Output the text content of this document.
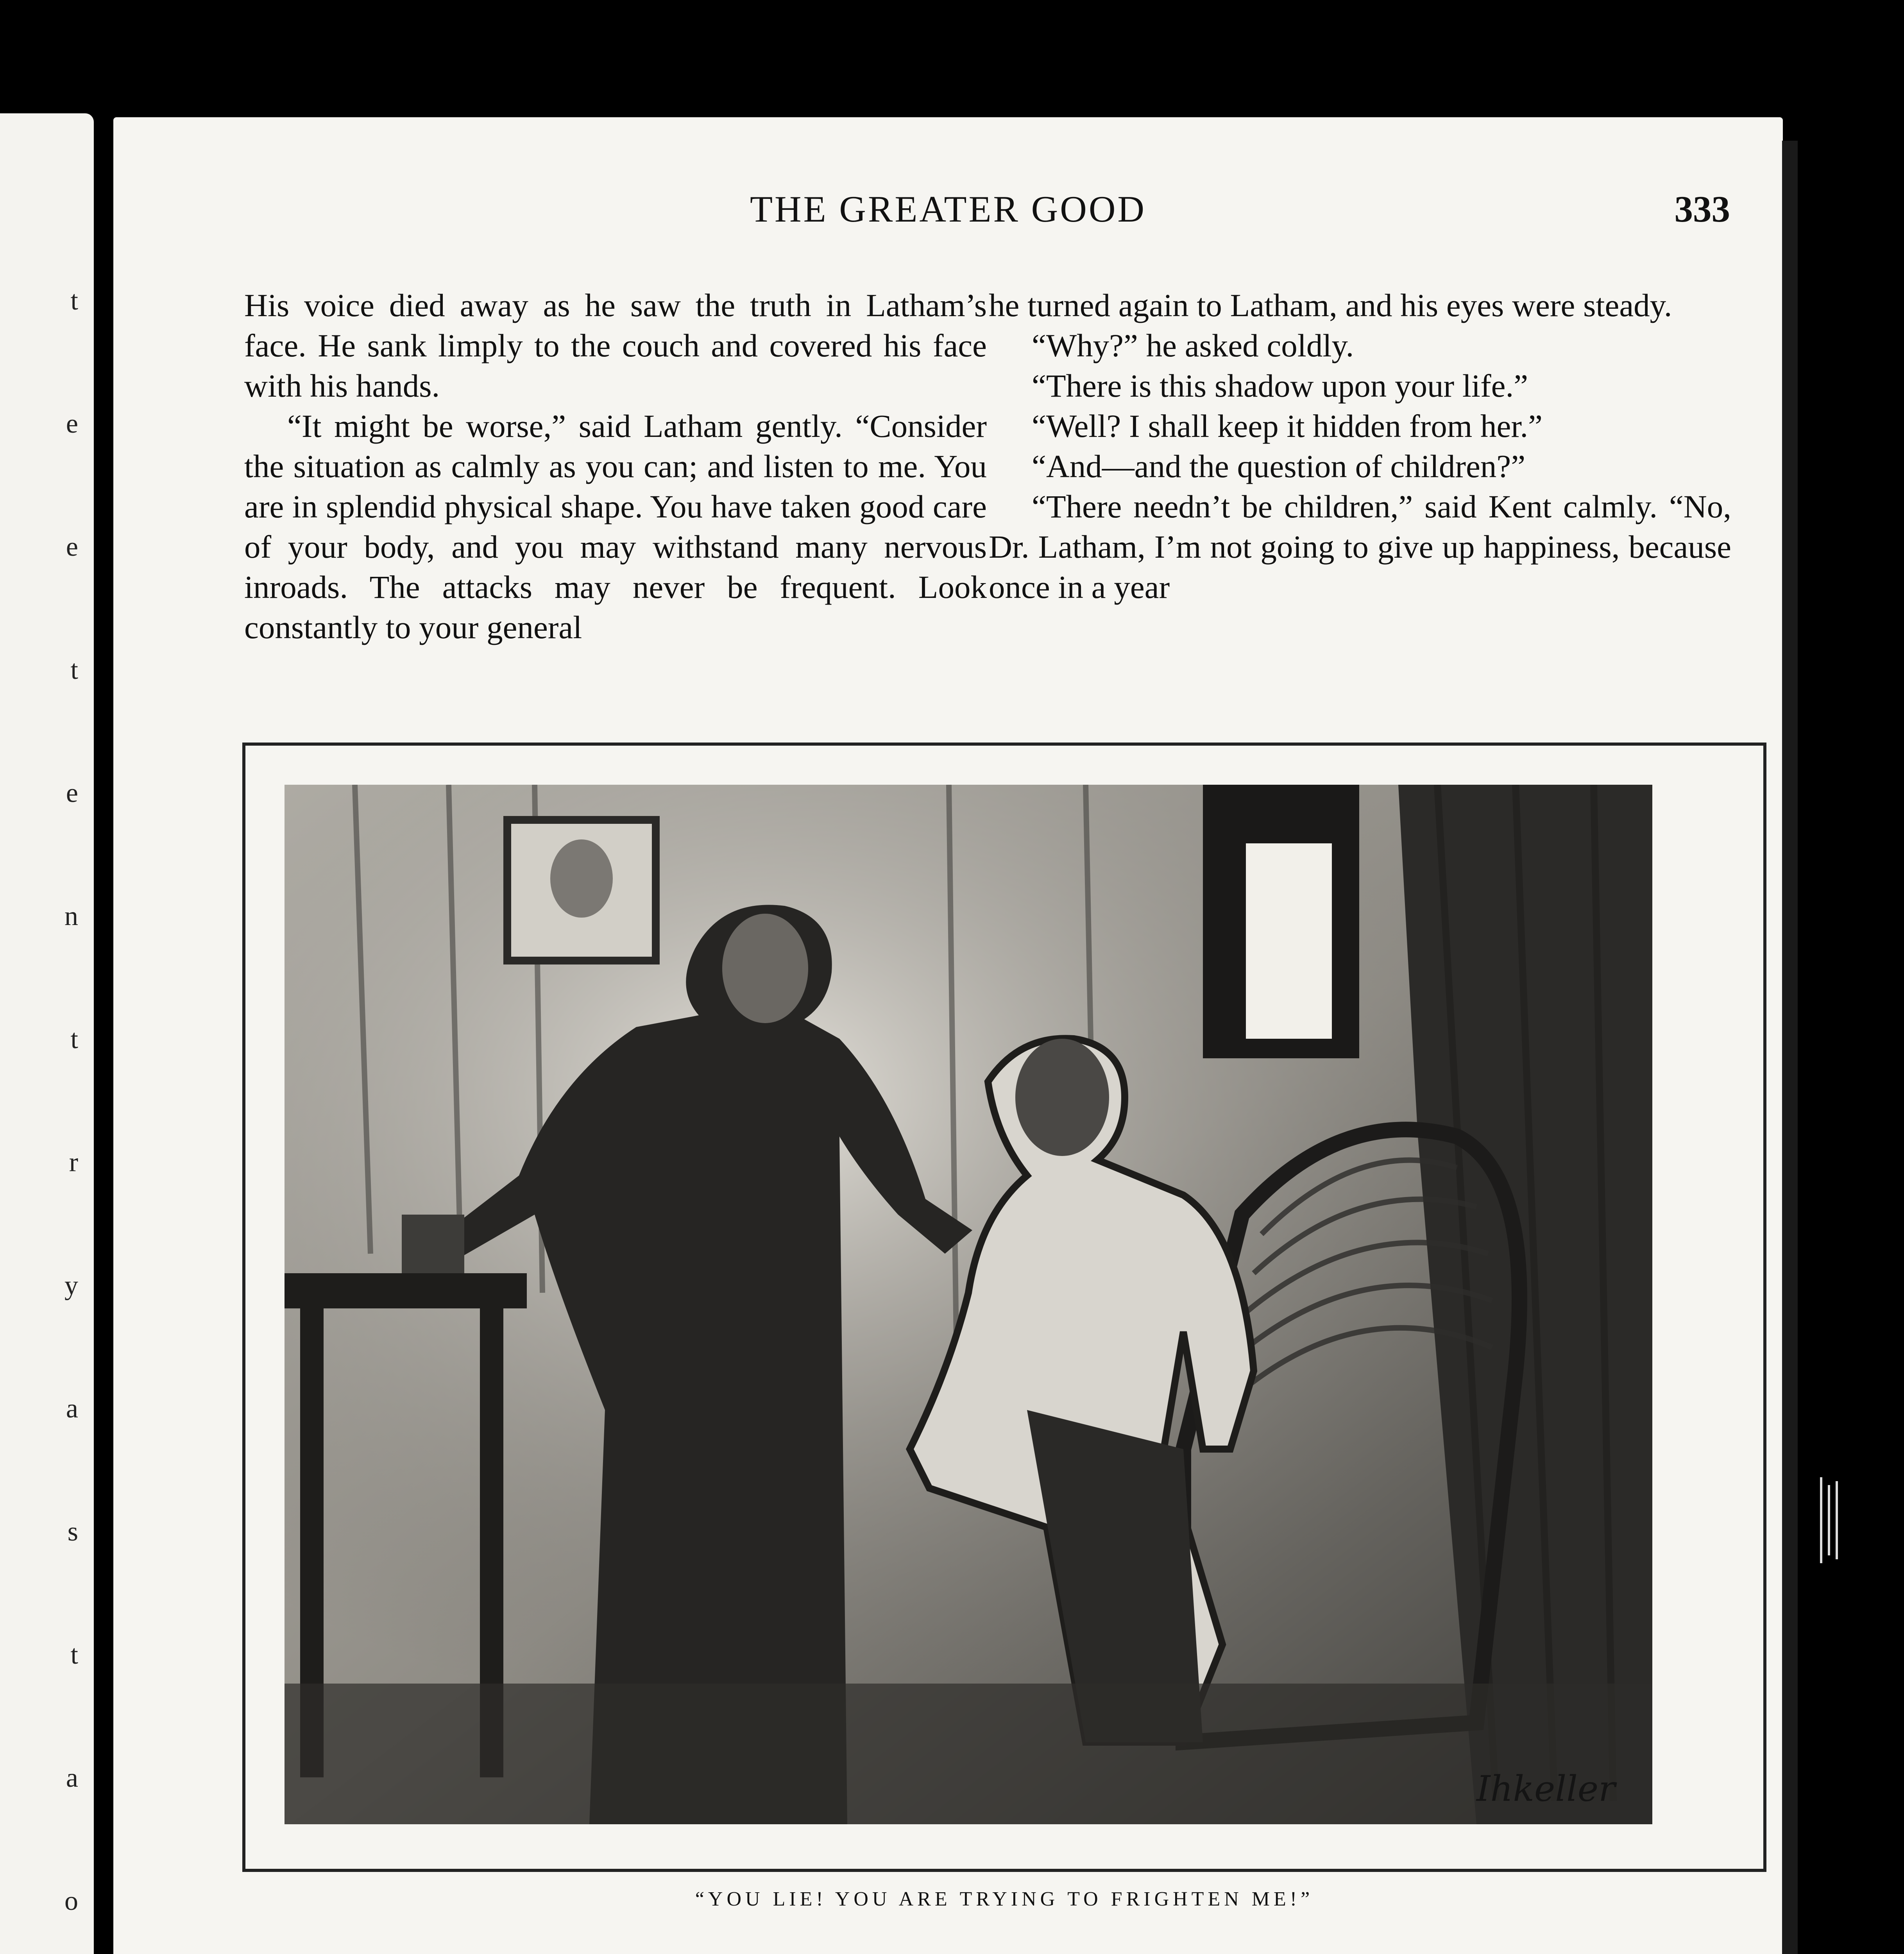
t
e
e
t
e
n
t
r
y
a
s
t
a
o
THE GREATER GOOD	333

His voice died away as he saw the truth in Latham’s face. He sank limply to the couch and covered his face with his hands.

“It might be worse,” said Latham gently. “Consider the situation as calmly as you can; and listen to me. You are in splendid physical shape. You have taken good care of your body, and you may withstand many nervous inroads. The attacks may never be frequent. Look constantly to your general

he turned again to Latham, and his eyes were steady.

“Why?” he asked coldly.

“There is this shadow upon your life.”

“Well? I shall keep it hidden from her.”

“And—and the question of children?”

“There needn’t be children,” said Kent calmly. “No, Dr. Latham, I’m not going to give up happiness, because once in a year

Ihkeller
“YOU LIE! YOU ARE TRYING TO FRIGHTEN ME!”
